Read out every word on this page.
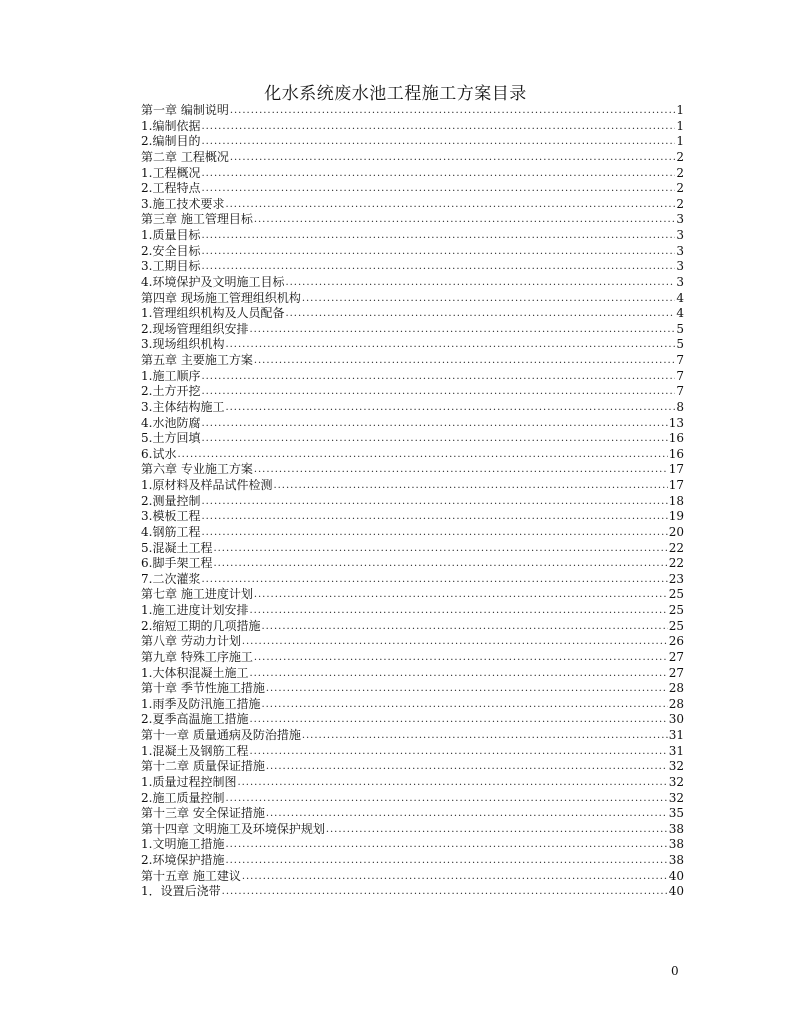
化水系统废水池工程施工方案目录
第一章 编制说明 .....	1
1.编制依据 .....	1
2.编制目的 .....	1
第二章 工程概况 .....	2
1.工程概况 .....	2
2.工程特点 .....	2
3.施工技术要求 .....	2
第三章 施工管理目标 .....	3
1.质量目标 .....	3
2.安全目标 .....	3
3.工期目标 .....	3
4.环境保护及文明施工目标 .....	3
第四章 现场施工管理组织机构 .....	4
1.管理组织机构及人员配备 .....	4
2.现场管理组织安排 .....	5
3.现场组织机构 .....	5
第五章 主要施工方案 .....	7
1.施工顺序 .....	7
2.土方开挖 .....	7
3.主体结构施工 .....	8
4.水池防腐 .....	13
5.土方回填 .....	16
6.试水 .....	16
第六章 专业施工方案 .....	17
1.原材料及样品试件检测 .....	17
2.测量控制 .....	18
3.模板工程 .....	19
4.钢筋工程 .....	20
5.混凝土工程 .....	22
6.脚手架工程 .....	22
7.二次灌浆 .....	23
第七章 施工进度计划 .....	25
1.施工进度计划安排 .....	25
2.缩短工期的几项措施 .....	25
第八章 劳动力计划 .....	26
第九章 特殊工序施工 .....	27
1.大体积混凝土施工 .....	27
第十章 季节性施工措施 .....	28
1.雨季及防汛施工措施 .....	28
2.夏季高温施工措施 .....	30
第十一章 质量通病及防治措施 .....	31
1.混凝土及钢筋工程 .....	31
第十二章 质量保证措施 .....	32
1.质量过程控制图 .....	32
2.施工质量控制 .....	32
第十三章 安全保证措施 .....	35
第十四章 文明施工及环境保护规划 .....	38
1.文明施工措施 .....	38
2.环境保护措施 .....	38
第十五章 施工建议 .....	40
1．设置后浇带 .....	40
0
